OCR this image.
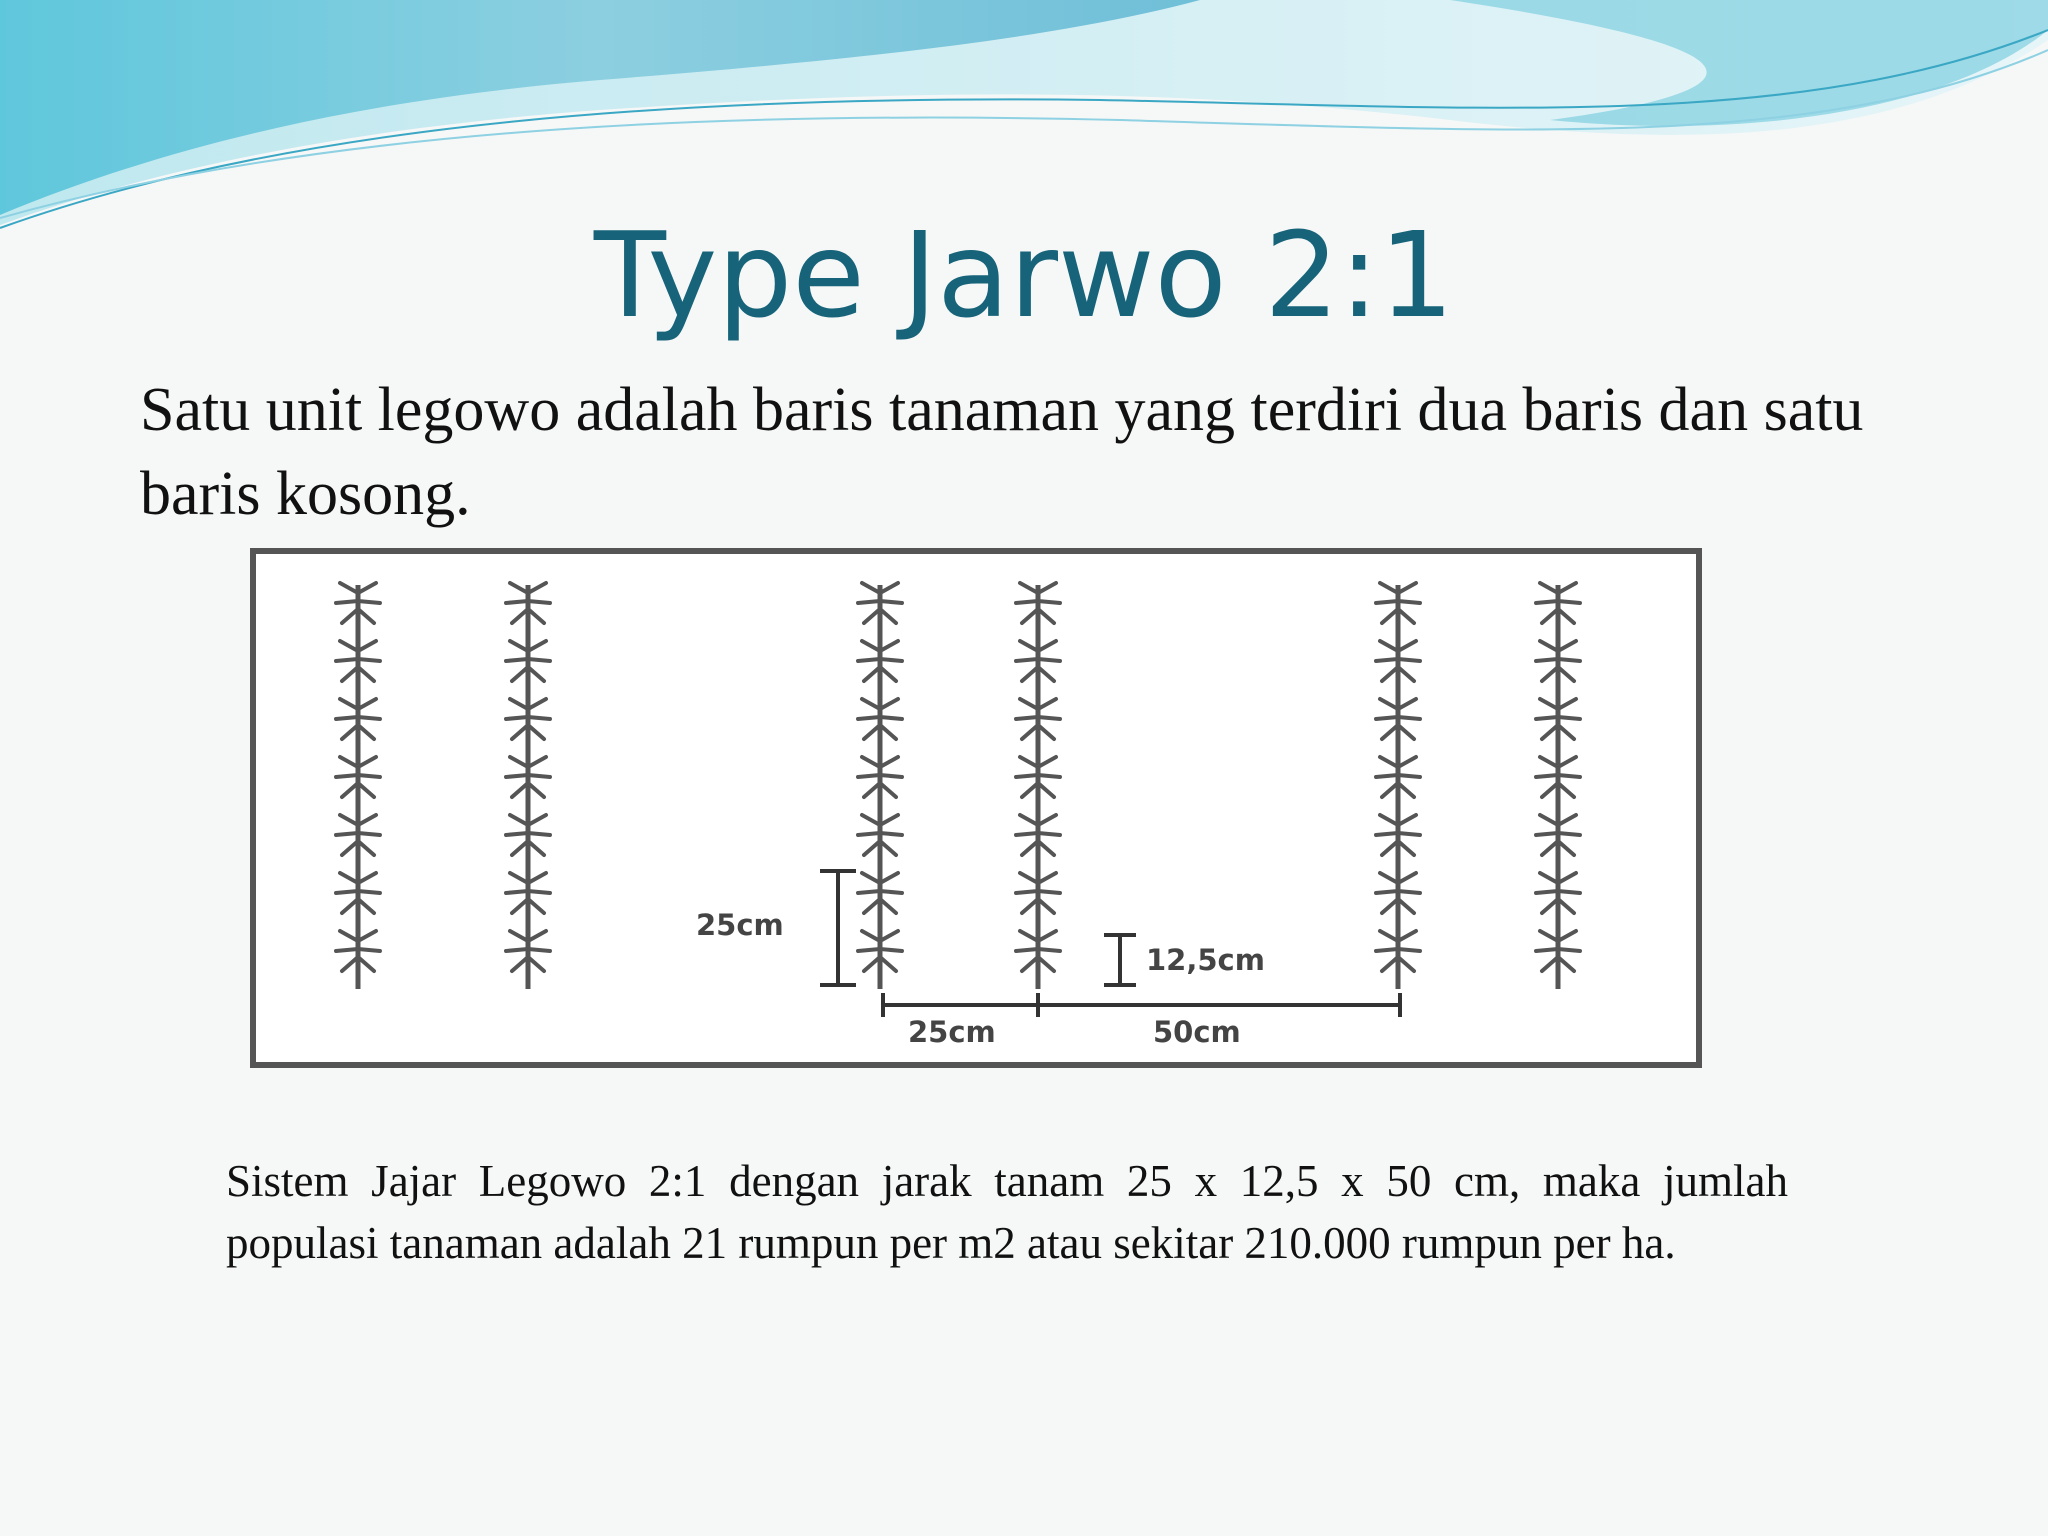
Type Jarwo 2:1

Satu unit legowo adalah baris tanaman yang terdiri dua baris dan satu baris kosong.

25cm
12,5cm
25cm	50cm

Sistem Jajar Legowo 2:1 dengan jarak tanam 25 x 12,5 x 50 cm, maka jumlah populasi tanaman adalah 21 rumpun per m2 atau sekitar 210.000 rumpun per ha.
